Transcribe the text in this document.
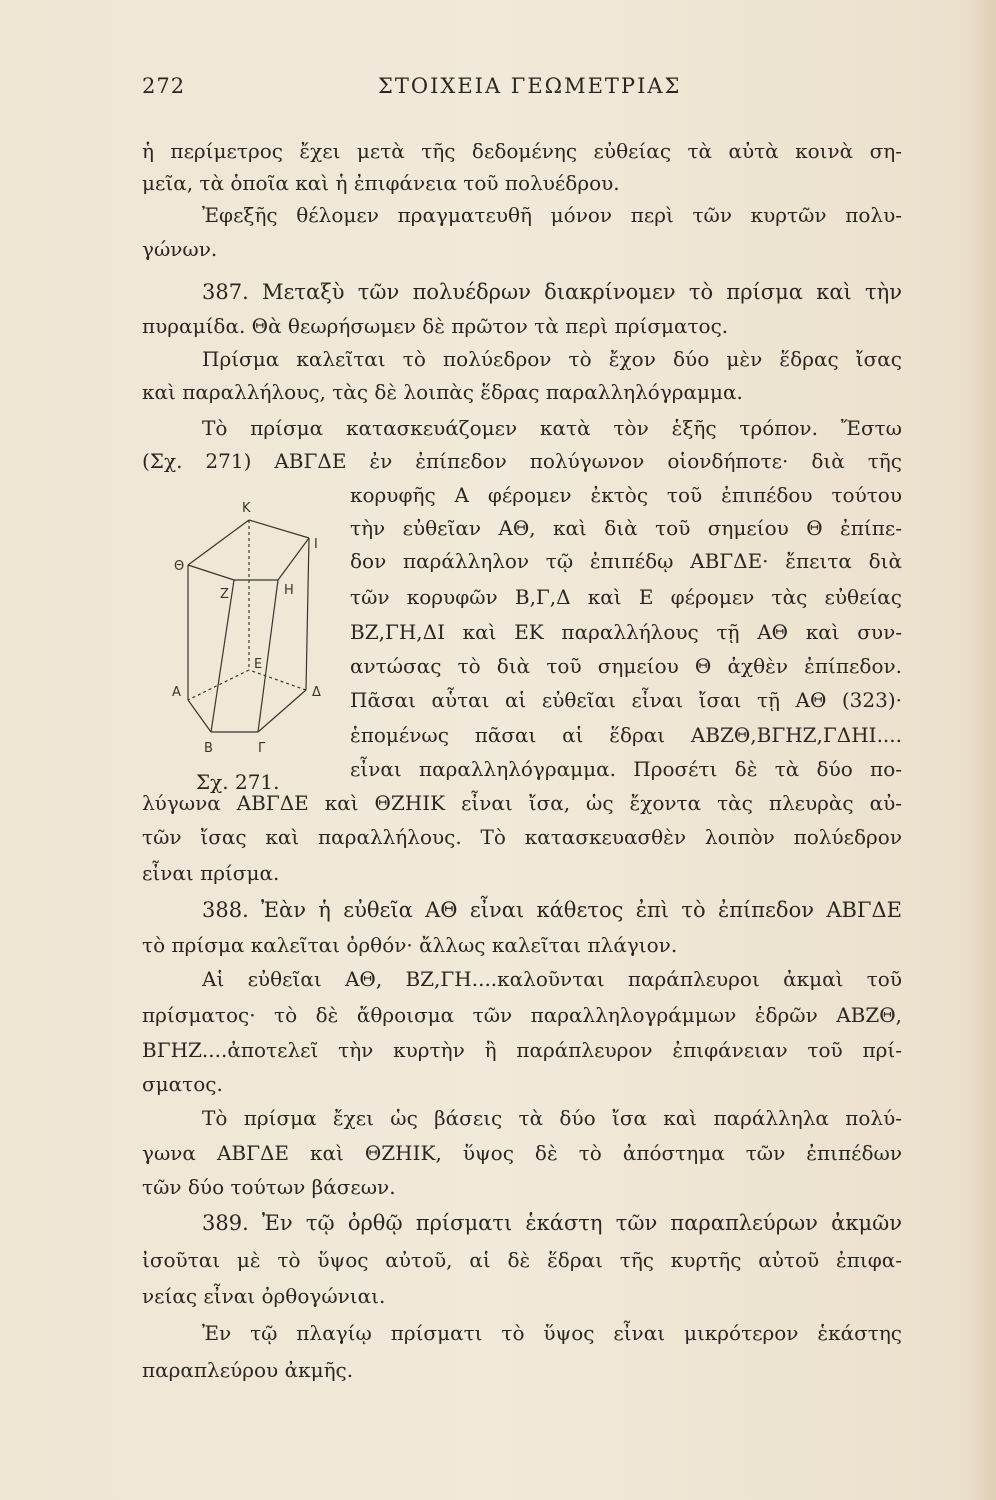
272	ΣΤΟΙΧΕΙΑ ΓΕΩΜΕΤΡΙΑΣ
ἡ περίμετρος ἔχει μετὰ τῆς δεδομένης εὐθείας τὰ αὐτὰ κοινὰ ση-
μεῖα, τὰ ὁποῖα καὶ ἡ ἐπιφάνεια τοῦ πολυέδρου.
Ἐφεξῆς θέλομεν πραγματευθῆ μόνον περὶ τῶν κυρτῶν πολυ-
γώνων.
387. Μεταξὺ τῶν πολυέδρων διακρίνομεν τὸ πρίσμα καὶ τὴν
πυραμίδα. Θὰ θεωρήσωμεν δὲ πρῶτον τὰ περὶ πρίσματος.
Πρίσμα καλεῖται τὸ πολύεδρον τὸ ἔχον δύο μὲν ἕδρας ἴσας
καὶ παραλλήλους, τὰς δὲ λοιπὰς ἕδρας παραλληλόγραμμα.
Τὸ πρίσμα κατασκευάζομεν κατὰ τὸν ἑξῆς τρόπον. Ἔστω
(Σχ. 271) ΑΒΓΔΕ ἐν ἐπίπεδον πολύγωνον οἱονδήποτε· διὰ τῆς
κορυφῆς Α φέρομεν ἐκτὸς τοῦ ἐπιπέδου τούτου
τὴν εὐθεῖαν ΑΘ, καὶ διὰ τοῦ σημείου Θ ἐπίπε-
δον παράλληλον τῷ ἐπιπέδῳ ΑΒΓΔΕ· ἔπειτα διὰ
τῶν κορυφῶν Β,Γ,Δ καὶ Ε φέρομεν τὰς εὐθείας
ΒΖ,ΓΗ,ΔΙ καὶ ΕΚ παραλλήλους τῇ ΑΘ καὶ συν-
αντώσας τὸ διὰ τοῦ σημείου Θ ἀχθὲν ἐπίπεδον.
Πᾶσαι αὗται αἱ εὐθεῖαι εἶναι ἴσαι τῇ ΑΘ (323)·
ἑπομένως πᾶσαι αἱ ἕδραι ΑΒΖΘ,ΒΓΗΖ,ΓΔΗΙ....
εἶναι παραλληλόγραμμα. Προσέτι δὲ τὰ δύο πο-
λύγωνα ΑΒΓΔΕ καὶ ΘΖΗΙΚ εἶναι ἴσα, ὡς ἔχοντα τὰς πλευρὰς αὐ-
τῶν ἴσας καὶ παραλλήλους. Τὸ κατασκευασθὲν λοιπὸν πολύεδρον
εἶναι πρίσμα.
388. Ἐὰν ἡ εὐθεῖα ΑΘ εἶναι κάθετος ἐπὶ τὸ ἐπίπεδον ΑΒΓΔΕ
τὸ πρίσμα καλεῖται ὀρθόν· ἄλλως καλεῖται πλάγιον.
Αἱ εὐθεῖαι ΑΘ, ΒΖ,ΓΗ....καλοῦνται παράπλευροι ἀκμαὶ τοῦ
πρίσματος· τὸ δὲ ἄθροισμα τῶν παραλληλογράμμων ἑδρῶν ΑΒΖΘ,
ΒΓΗΖ....ἀποτελεῖ τὴν κυρτὴν ἢ παράπλευρον ἐπιφάνειαν τοῦ πρί-
σματος.
Τὸ πρίσμα ἔχει ὡς βάσεις τὰ δύο ἴσα καὶ παράλληλα πολύ-
γωνα ΑΒΓΔΕ καὶ ΘΖΗΙΚ, ὕψος δὲ τὸ ἀπόστημα τῶν ἐπιπέδων
τῶν δύο τούτων βάσεων.
389. Ἐν τῷ ὀρθῷ πρίσματι ἑκάστη τῶν παραπλεύρων ἀκμῶν
ἰσοῦται μὲ τὸ ὕψος αὐτοῦ, αἱ δὲ ἕδραι τῆς κυρτῆς αὐτοῦ ἐπιφα-
νείας εἶναι ὀρθογώνιαι.
Ἐν τῷ πλαγίῳ πρίσματι τὸ ὕψος εἶναι μικρότερον ἑκάστης
παραπλεύρου ἀκμῆς.
Κ
Θ
Ι
Ζ	Η
Ε
Α	Δ
Β	Γ
Σχ. 271.
